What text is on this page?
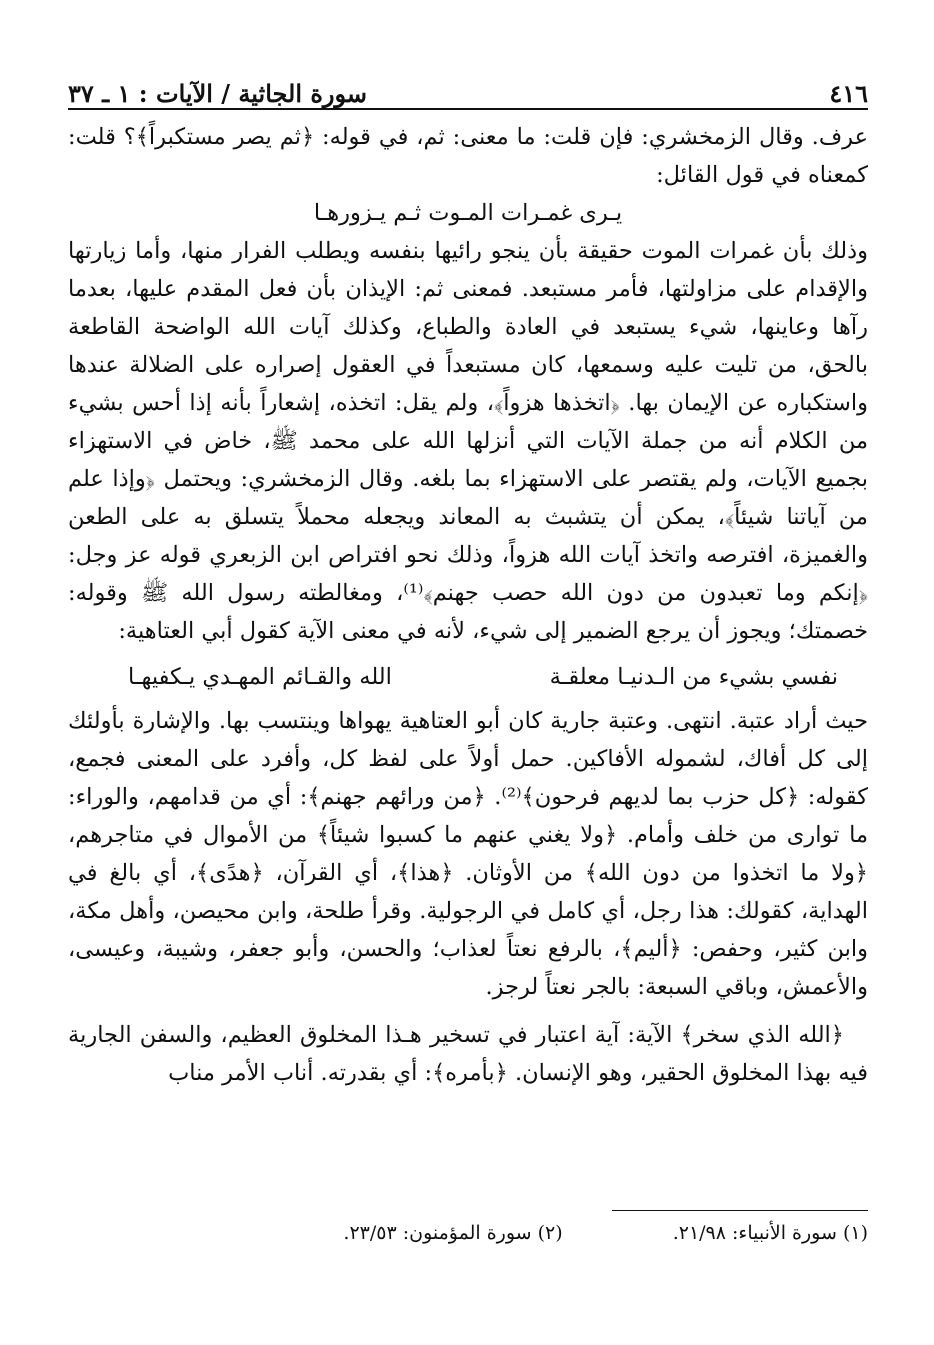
٤١٦
سورة الجاثية / الآيات : ١ ـ ٣٧

عرف. وقال الزمخشري: فإن قلت: ما معنى: ثم، في قوله: ﴿ثم يصر مستكبراً﴾؟ قلت: كمعناه في قول القائل:

يـرى غمـرات المـوت ثـم يـزورهـا

وذلك بأن غمرات الموت حقيقة بأن ينجو رائيها بنفسه ويطلب الفرار منها، وأما زيارتها والإقدام على مزاولتها، فأمر مستبعد. فمعنى ثم: الإيذان بأن فعل المقدم عليها، بعدما رآها وعاينها، شيء يستبعد في العادة والطباع، وكذلك آيات الله الواضحة القاطعة بالحق، من تليت عليه وسمعها، كان مستبعداً في العقول إصراره على الضلالة عندها واستكباره عن الإيمان بها. ﴿اتخذها هزواً﴾، ولم يقل: اتخذه، إشعاراً بأنه إذا أحس بشيء من الكلام أنه من جملة الآيات التي أنزلها الله على محمد ﷺ، خاض في الاستهزاء بجميع الآيات، ولم يقتصر على الاستهزاء بما بلغه. وقال الزمخشري: ويحتمل ﴿وإذا علم من آياتنا شيئاً﴾، يمكن أن يتشبث به المعاند ويجعله محملاً يتسلق به على الطعن والغميزة، افترصه واتخذ آيات الله هزواً، وذلك نحو افتراص ابن الزبعري قوله عز وجل: ﴿إنكم وما تعبدون من دون الله حصب جهنم﴾⁽¹⁾، ومغالطته رسول الله ﷺ وقوله: خصمتك؛ ويجوز أن يرجع الضمير إلى شيء، لأنه في معنى الآية كقول أبي العتاهية:

نفسي بشيء من الـدنيـا معلقـة
الله والقـائم المهـدي يـكفيهـا

حيث أراد عتبة. انتهى. وعتبة جارية كان أبو العتاهية يهواها وينتسب بها. والإشارة بأولئك إلى كل أفاك، لشموله الأفاكين. حمل أولاً على لفظ كل، وأفرد على المعنى فجمع، كقوله: ﴿كل حزب بما لديهم فرحون﴾⁽²⁾. ﴿من ورائهم جهنم﴾: أي من قدامهم، والوراء: ما توارى من خلف وأمام. ﴿ولا يغني عنهم ما كسبوا شيئاً﴾ من الأموال في متاجرهم، ﴿ولا ما اتخذوا من دون الله﴾ من الأوثان. ﴿هذا﴾، أي القرآن، ﴿هدًى﴾، أي بالغ في الهداية، كقولك: هذا رجل، أي كامل في الرجولية. وقرأ طلحة، وابن محيصن، وأهل مكة، وابن كثير، وحفص: ﴿أليم﴾، بالرفع نعتاً لعذاب؛ والحسن، وأبو جعفر، وشيبة، وعيسى، والأعمش، وباقي السبعة: بالجر نعتاً لرجز.

﴿الله الذي سخر﴾ الآية: آية اعتبار في تسخير هـذا المخلوق العظيم، والسفن الجارية فيه بهذا المخلوق الحقير، وهو الإنسان. ﴿بأمره﴾: أي بقدرته. أناب الأمر مناب

(١) سورة الأنبياء: ٢١/٩٨.
(٢) سورة المؤمنون: ٢٣/٥٣.
